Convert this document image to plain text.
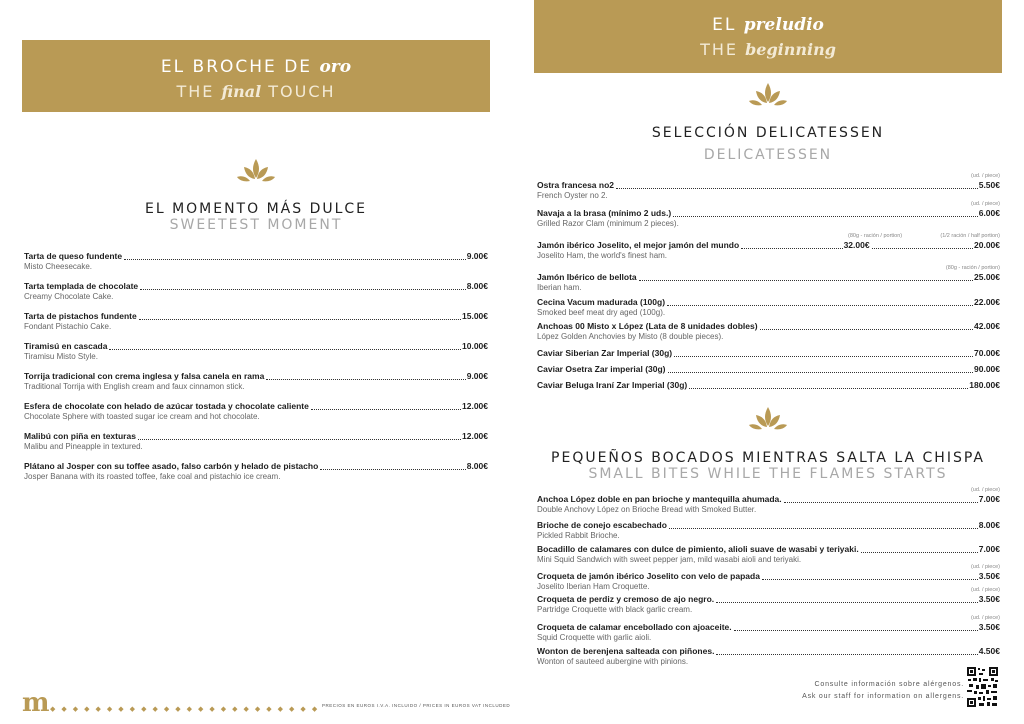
EL BROCHE DE oro
THE final TOUCH
EL MOMENTO MÁS DULCE
SWEETEST MOMENT
Tarta de queso fundente	9.00€
Misto Cheesecake.
Tarta templada de chocolate	8.00€
Creamy Chocolate Cake.
Tarta de pistachos fundente	15.00€
Fondant Pistachio Cake.
Tiramisú en cascada	10.00€
Tiramisu Misto Style.
Torrija tradicional con crema inglesa y falsa canela en rama	9.00€
Traditional Torrija with English cream and faux cinnamon stick.
Esfera de chocolate con helado de azúcar tostada y chocolate caliente	12.00€
Chocolate Sphere with toasted sugar ice cream and hot chocolate.
Malibú con piña en texturas	12.00€
Malibu and Pineapple in textured.
Plátano al Josper con su toffee asado, falso carbón y helado de pistacho	8.00€
Josper Banana with its roasted toffee, fake coal and pistachio ice cream.
m ◆◆◆◆◆◆◆◆◆◆◆◆◆◆◆◆◆◆◆◆◆◆◆◆
PRECIOS EN EUROS I.V.A. INCLUIDO / PRICES IN EUROS VAT INCLUDED
EL preludio
THE beginning
SELECCIÓN DELICATESSEN
DELICATESSEN
(ud. / piece)
Ostra francesa no2	5.50€
French Oyster no 2.
(ud. / piece)
Navaja a la brasa (mínimo 2 uds.)	6.00€
Grilled Razor Clam (minimum 2 pieces).
(80g - ración / portion)	(1/2 ración / half portion)
Jamón ibérico Joselito, el mejor jamón del mundo	32.00€	20.00€
Joselito Ham, the world's finest ham.
(80g - ración / portion)
Jamón Ibérico de bellota	25.00€
Iberian ham.
Cecina Vacum madurada (100g)	22.00€
Smoked beef meat dry aged (100g).
Anchoas 00 Misto x López (Lata de 8 unidades dobles)	42.00€
López Golden Anchovies by Misto (8 double pieces).
Caviar Siberian Zar Imperial (30g)	70.00€
Caviar Osetra Zar imperial (30g)	90.00€
Caviar Beluga Iraní Zar Imperial (30g)	180.00€
PEQUEÑOS BOCADOS MIENTRAS SALTA LA CHISPA
SMALL BITES WHILE THE FLAMES STARTS
(ud. / piece)
Anchoa López doble en pan brioche y mantequilla ahumada.	7.00€
Double Anchovy López on Brioche Bread with Smoked Butter.
Brioche de conejo escabechado	8.00€
Pickled Rabbit Brioche.
Bocadillo de calamares con dulce de pimiento, alioli suave de wasabi y teriyaki.	7.00€
Mini Squid Sandwich with sweet pepper jam, mild wasabi aioli and teriyaki.
(ud. / piece)
Croqueta de jamón ibérico Joselito con velo de papada	3.50€
Joselito Iberian Ham Croquette.	(ud. / piece)
Croqueta de perdiz y cremoso de ajo negro.	3.50€
Partridge Croquette with black garlic cream.
(ud. / piece)
Croqueta de calamar encebollado con ajoaceite.	3.50€
Squid Croquette with garlic aioli.
Wonton de berenjena salteada con piñones.	4.50€
Wonton of sauteed aubergine with pinions.
Consulte información sobre alérgenos.
Ask our staff for information on allergens.
